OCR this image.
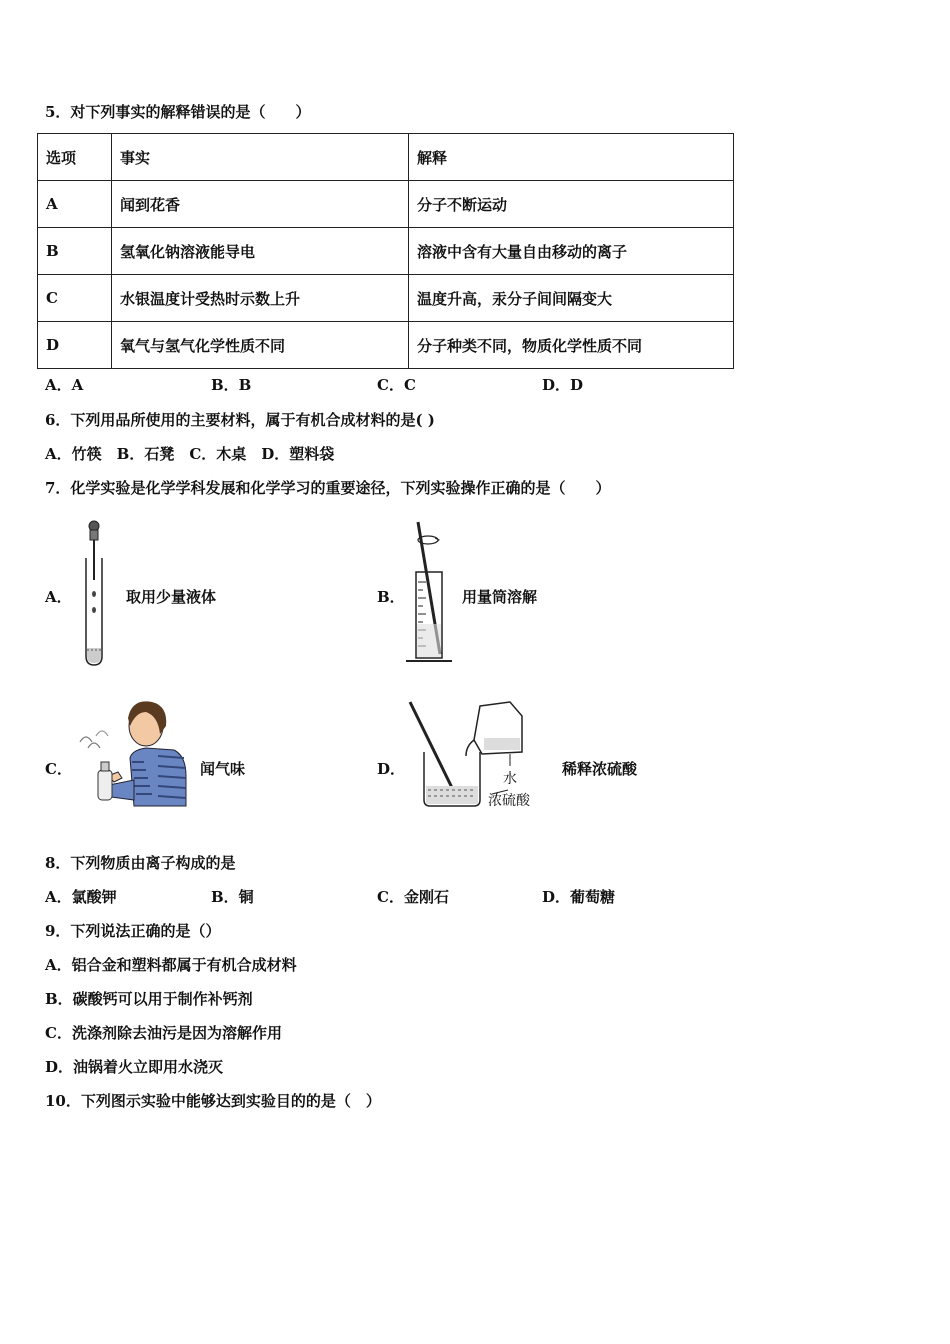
5．对下列事实的解释错误的是（　　）
选项	事实	解释
A	闻到花香	分子不断运动
B	氢氧化钠溶液能导电	溶液中含有大量自由移动的离子
C	水银温度计受热时示数上升	温度升高，汞分子间间隔变大
D	氧气与氢气化学性质不同	分子种类不同，物质化学性质不同
A．A	B．B	C．C	D．D
6．下列用品所使用的主要材料，属于有机合成材料的是( )
A．竹筷　B．石凳　C．木桌　D．塑料袋
7．化学实验是化学学科发展和化学学习的重要途径，下列实验操作正确的是（　　）
A．	取用少量液体	B．	用量筒溶解
C．	闻气味	D．
水
浓硫酸
稀释浓硫酸
8．下列物质由离子构成的是
A．氯酸钾	B．铜	C．金刚石	D．葡萄糖
9．下列说法正确的是（）
A．铝合金和塑料都属于有机合成材料
B．碳酸钙可以用于制作补钙剂
C．洗涤剂除去油污是因为溶解作用
D．油锅着火立即用水浇灭
10．下列图示实验中能够达到实验目的的是（　）
